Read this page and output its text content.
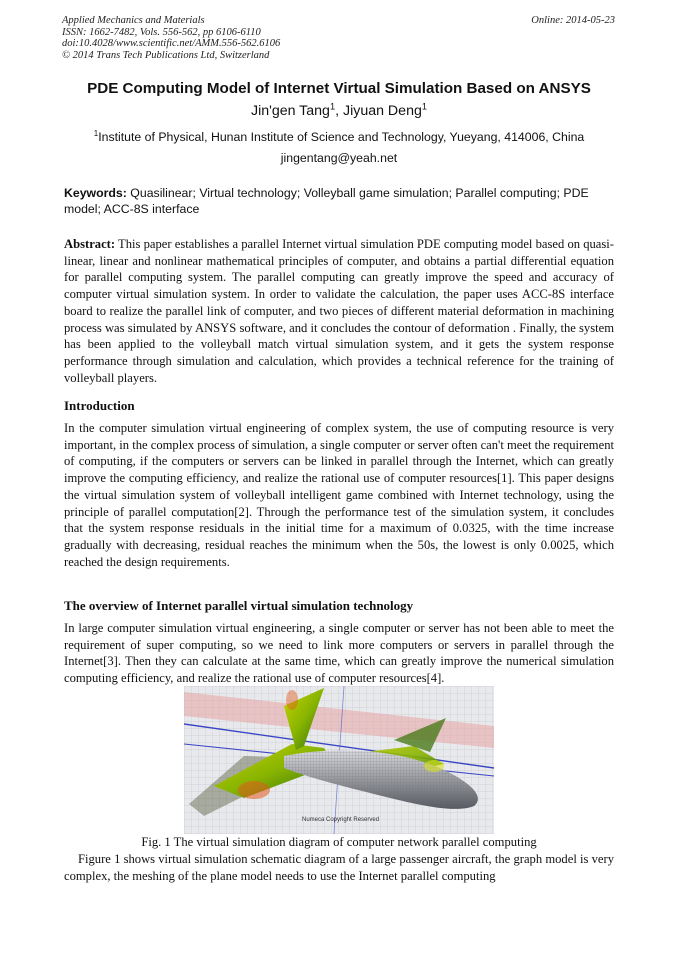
Applied Mechanics and Materials
ISSN: 1662-7482, Vols. 556-562, pp 6106-6110
doi:10.4028/www.scientific.net/AMM.556-562.6106
© 2014 Trans Tech Publications Ltd, Switzerland
Online: 2014-05-23
PDE Computing Model of Internet Virtual Simulation Based on ANSYS
Jin'gen Tang$^1$, Jiyuan Deng$^1$
$^1$Institute of Physical, Hunan Institute of Science and Technology, Yueyang, 414006, China
jingentang@yeah.net
Keywords: Quasilinear; Virtual technology; Volleyball game simulation; Parallel computing; PDE model; ACC-8S interface
Abstract: This paper establishes a parallel Internet virtual simulation PDE computing model based on quasi-linear, linear and nonlinear mathematical principles of computer, and obtains a partial differential equation for parallel computing system. The parallel computing can greatly improve the speed and accuracy of computer virtual simulation system. In order to validate the calculation, the paper uses ACC-8S interface board to realize the parallel link of computer, and two pieces of different material deformation in machining process was simulated by ANSYS software, and it concludes the contour of deformation . Finally, the system has been applied to the volleyball match virtual simulation system, and it gets the system response performance through simulation and calculation, which provides a technical reference for the training of volleyball players.
Introduction
In the computer simulation virtual engineering of complex system, the use of computing resource is very important, in the complex process of simulation, a single computer or server often can't meet the requirement of computing, if the computers or servers can be linked in parallel through the Internet, which can greatly improve the computing efficiency, and realize the rational use of computer resources[1]. This paper designs the virtual simulation system of volleyball intelligent game combined with Internet technology, using the principle of parallel computation[2]. Through the performance test of the simulation system, it concludes that the system response residuals in the initial time for a maximum of 0.0325, with the time increase gradually with decreasing, residual reaches the minimum when the 50s, the lowest is only 0.0025, which reached the design requirements.
The overview of Internet parallel virtual simulation technology
In large computer simulation virtual engineering, a single computer or server has not been able to meet the requirement of super computing, so we need to link more computers or servers in parallel through the Internet[3]. Then they can calculate at the same time, which can greatly improve the numerical simulation computing efficiency, and realize the rational use of computer resources[4].
Numeca Copyright Reserved
Fig. 1 The virtual simulation diagram of computer network parallel computing
Figure 1 shows virtual simulation schematic diagram of a large passenger aircraft, the graph model is very complex, the meshing of the plane model needs to use the Internet parallel computing
